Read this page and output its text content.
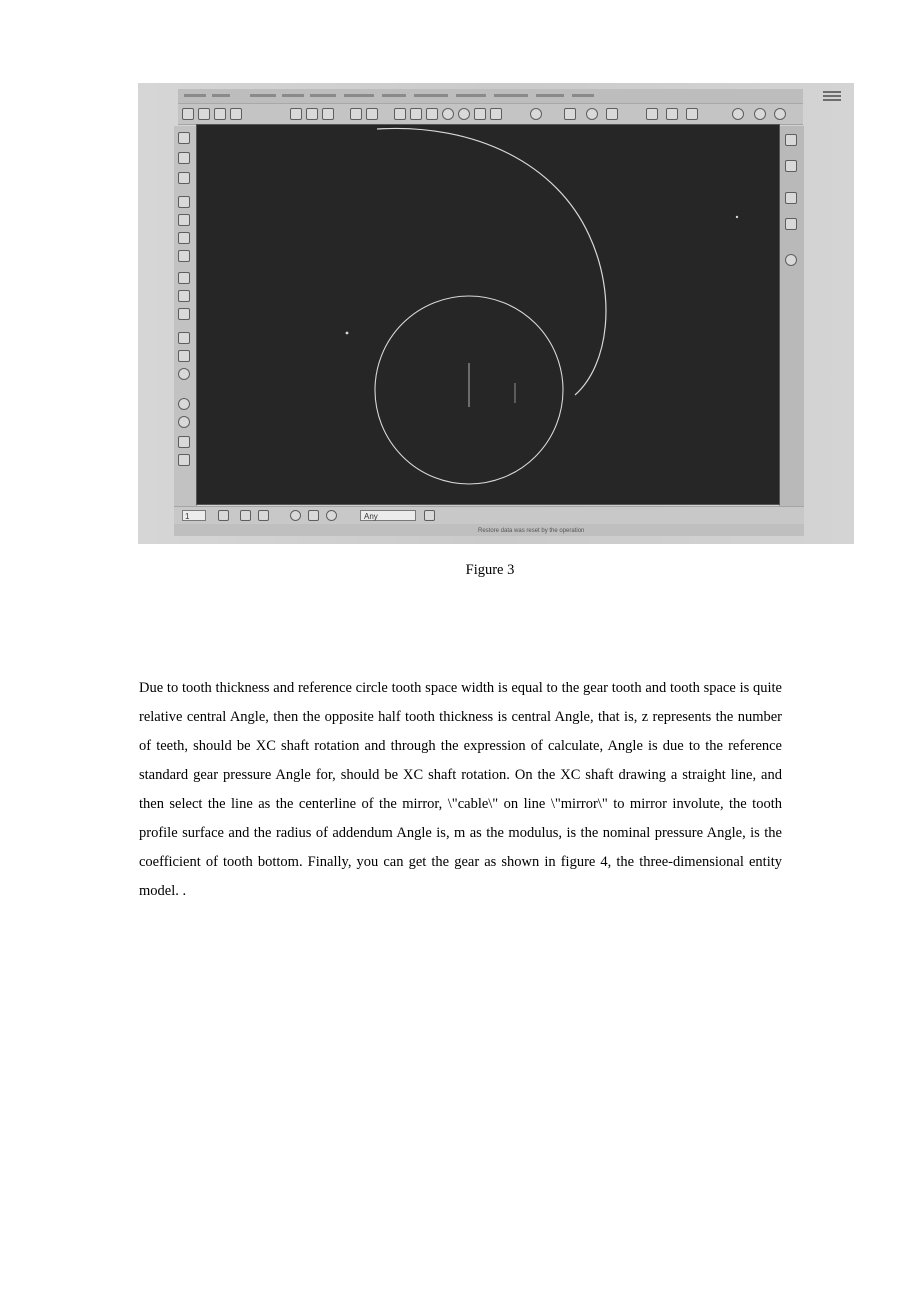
1	Any
Restore data was reset by the operation
Figure 3

Due to tooth thickness and reference circle tooth space width is equal to the gear tooth and tooth space is quite relative central Angle, then the opposite half tooth thickness is central Angle, that is, z represents the number of teeth, should be XC shaft rotation and through the expression of calculate, Angle is due to the reference standard gear pressure Angle for, should be XC shaft rotation. On the XC shaft drawing a straight line, and then select the line as the centerline of the mirror, \"cable\" on line \"mirror\" to mirror involute, the tooth profile surface and the radius of addendum Angle is, m as the modulus, is the nominal pressure Angle, is the coefficient of tooth bottom. Finally, you can get the gear as shown in figure 4, the three-dimensional entity model. .
